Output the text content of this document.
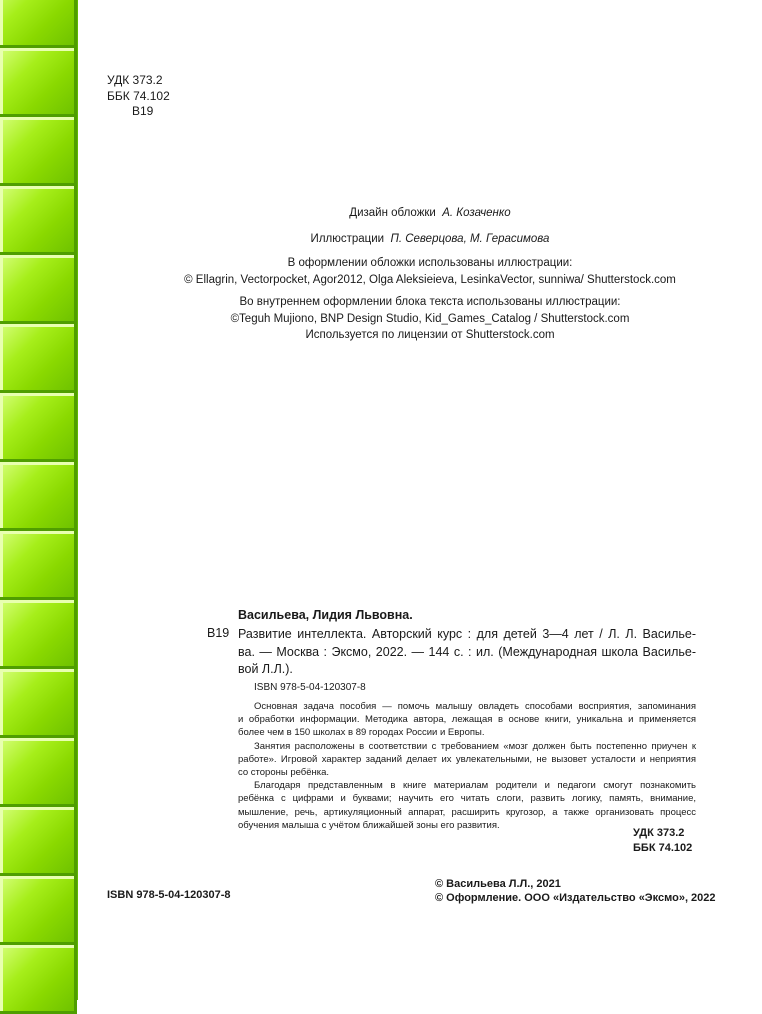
УДК 373.2
ББК 74.102
В19
Дизайн обложки А. Козаченко
Иллюстрации П. Северцова, М. Герасимова
В оформлении обложки использованы иллюстрации:
© Ellagrin, Vectorpocket, Agor2012, Olga Aleksieieva, LesinkaVector, sunniwa/ Shutterstock.com
Во внутреннем оформлении блока текста использованы иллюстрации:
©Teguh Mujiono, BNP Design Studio, Kid_Games_Catalog / Shutterstock.com
Используется по лицензии от Shutterstock.com
Васильева, Лидия Львовна.
В19 Развитие интеллекта. Авторский курс : для детей 3—4 лет / Л. Л. Василье-
ва. — Москва : Эксмо, 2022. — 144 с. : ил. (Международная школа Василье-
вой Л.Л.).
ISBN 978-5-04-120307-8
Основная задача пособия — помочь малышу овладеть способами восприятия, запоминания
и обработки информации. Методика автора, лежащая в основе книги, уникальна и применяется
более чем в 150 школах в 89 городах России и Европы.
Занятия расположены в соответствии с требованием «мозг должен быть постепенно приучен к
работе». Игровой характер заданий делает их увлекательными, не вызовет усталости и неприятия
со стороны ребёнка.
Благодаря представленным в книге материалам родители и педагоги смогут познакомить
ребёнка с цифрами и буквами; научить его читать слоги, развить логику, память, внимание,
мышление, речь, артикуляционный аппарат, расширить кругозор, а также организовать процесс
обучения малыша с учётом ближайшей зоны его развития.
УДК 373.2
ББК 74.102
ISBN 978-5-04-120307-8
© Васильева Л.Л., 2021
© Оформление. ООО «Издательство «Эксмо», 2022
